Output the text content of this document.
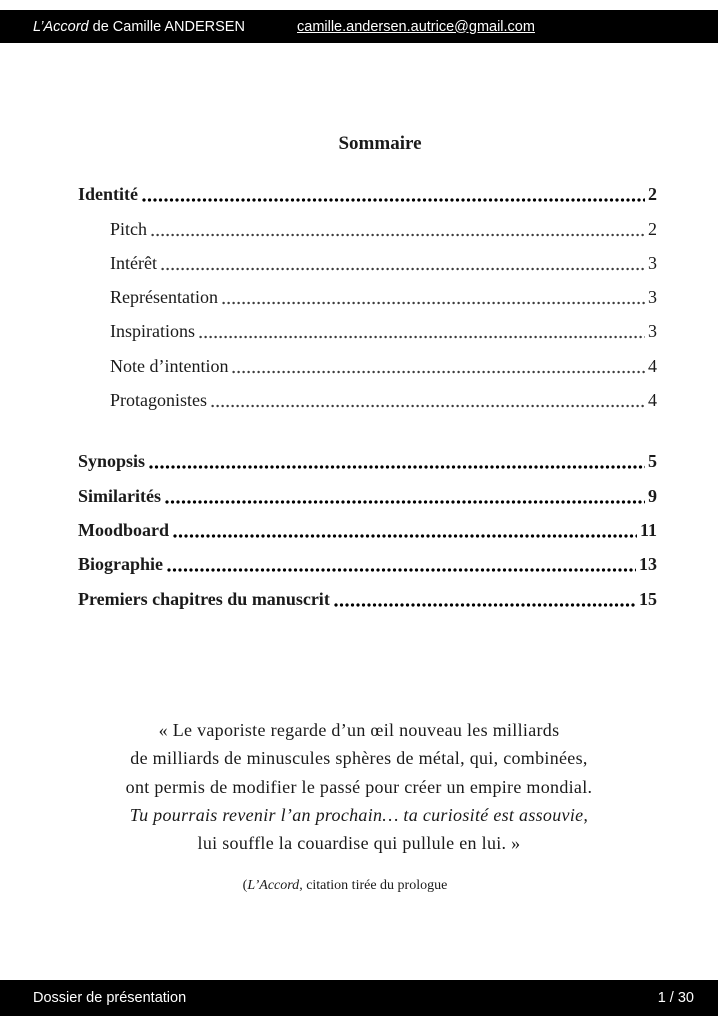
L’Accord de Camille ANDERSEN	camille.andersen.autrice@gmail.com
Sommaire
Identité	2
Pitch	2
Intérêt	3
Représentation	3
Inspirations	3
Note d’intention	4
Protagonistes	4
Synopsis	5
Similarités	9
Moodboard	11
Biographie	13
Premiers chapitres du manuscrit	15
« Le vaporiste regarde d’un œil nouveau les milliards
de milliards de minuscules sphères de métal, qui, combinées,
ont permis de modifier le passé pour créer un empire mondial.
Tu pourrais revenir l’an prochain… ta curiosité est assouvie,
lui souffle la couardise qui pullule en lui. »
(L’Accord, citation tirée du prologue
Dossier de présentation	1 / 30
